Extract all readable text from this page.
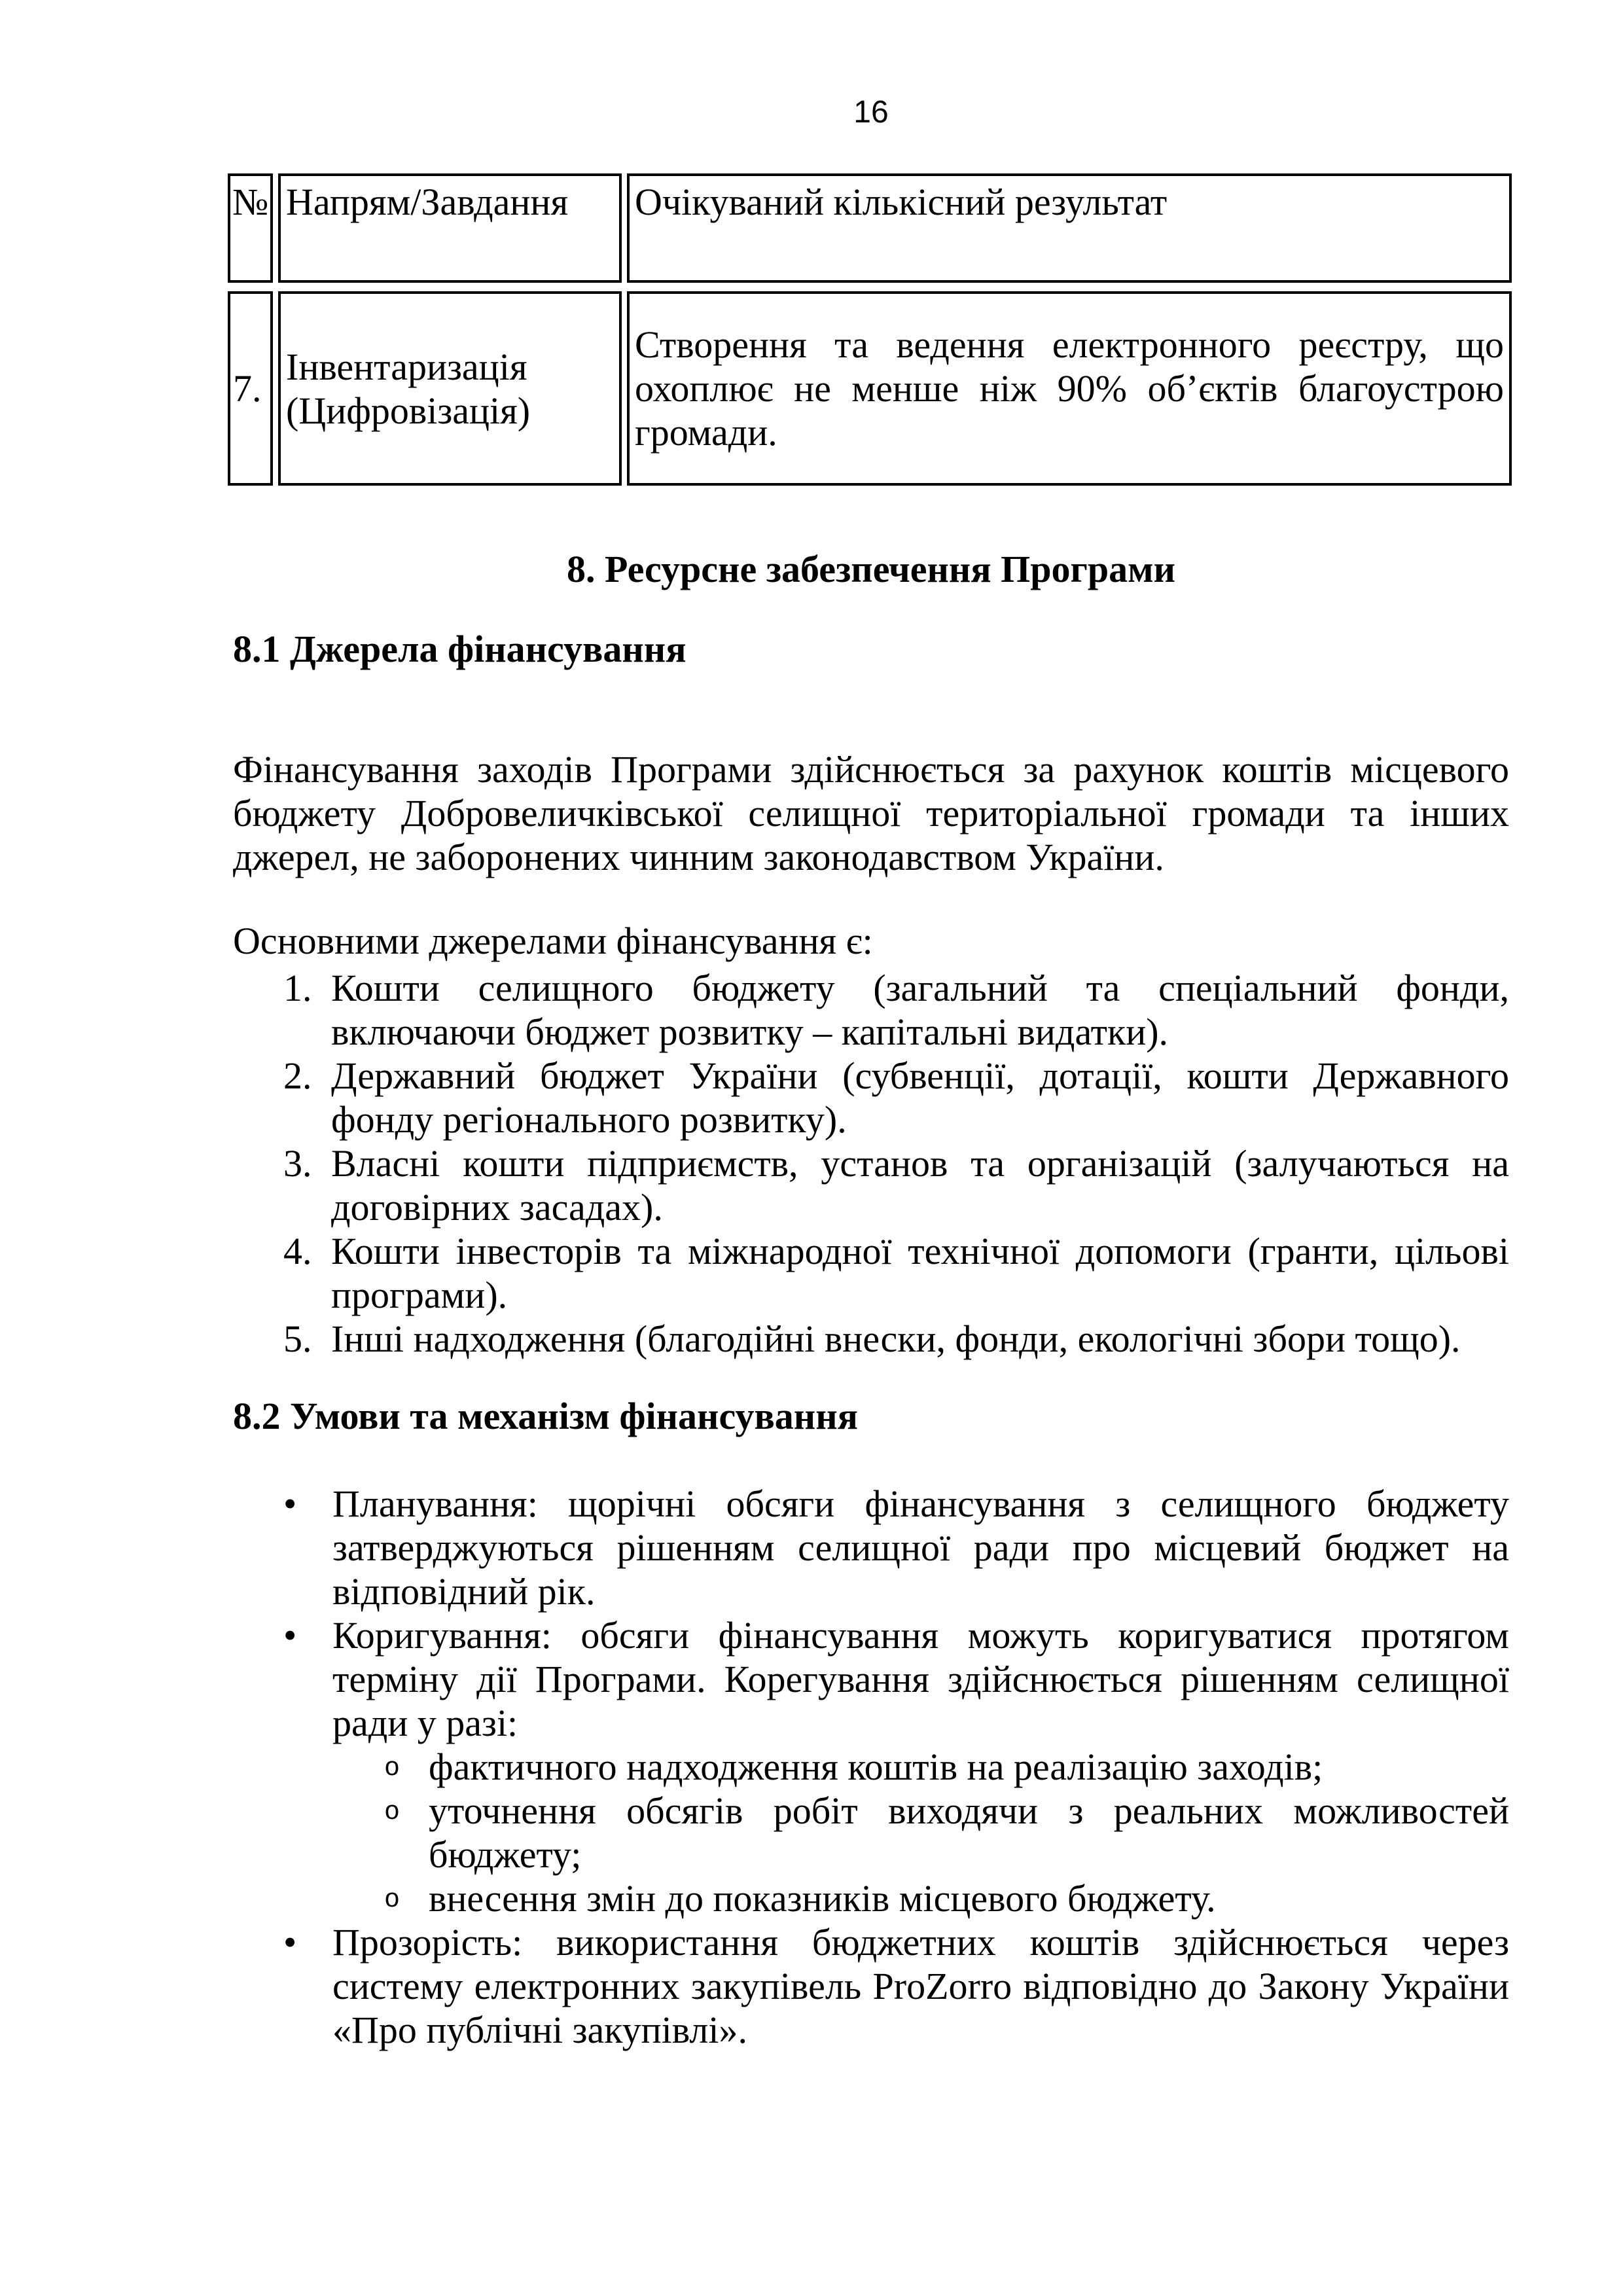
16
№ Напрям/Завдання	Очікуваний кількісний результат
7.
Інвентаризація (Цифровізація)
Створення та ведення електронного реєстру, що охоплює не менше ніж 90% об’єктів благоустрою громади.
8. Ресурсне забезпечення Програми
8.1 Джерела фінансування

Фінансування заходів Програми здійснюється за рахунок коштів місцевого бюджету Добровеличківської селищної територіальної громади та інших джерел, не заборонених чинним законодавством України.

Основними джерелами фінансування є:

Кошти селищного бюджету (загальний та спеціальний фонди, включаючи бюджет розвитку – капітальні видатки).
Державний бюджет України (субвенції, дотації, кошти Державного фонду регіонального розвитку).
Власні кошти підприємств, установ та організацій (залучаються на договірних засадах).
Кошти інвесторів та міжнародної технічної допомоги (гранти, цільові програми).
Інші надходження (благодійні внески, фонди, екологічні збори тощо).
8.2 Умови та механізм фінансування
• Планування: щорічні обсяги фінансування з селищного бюджету затверджуються рішенням селищної ради про місцевий бюджет на відповідний рік.
• Коригування: обсяги фінансування можуть коригуватися протягом терміну дії Програми. Корегування здійснюється рішенням селищної ради у разі:
o фактичного надходження коштів на реалізацію заходів;
o уточнення обсягів робіт виходячи з реальних можливостей бюджету;
o внесення змін до показників місцевого бюджету.
• Прозорість: використання бюджетних коштів здійснюється через систему електронних закупівель ProZorro відповідно до Закону України «Про публічні закупівлі».
